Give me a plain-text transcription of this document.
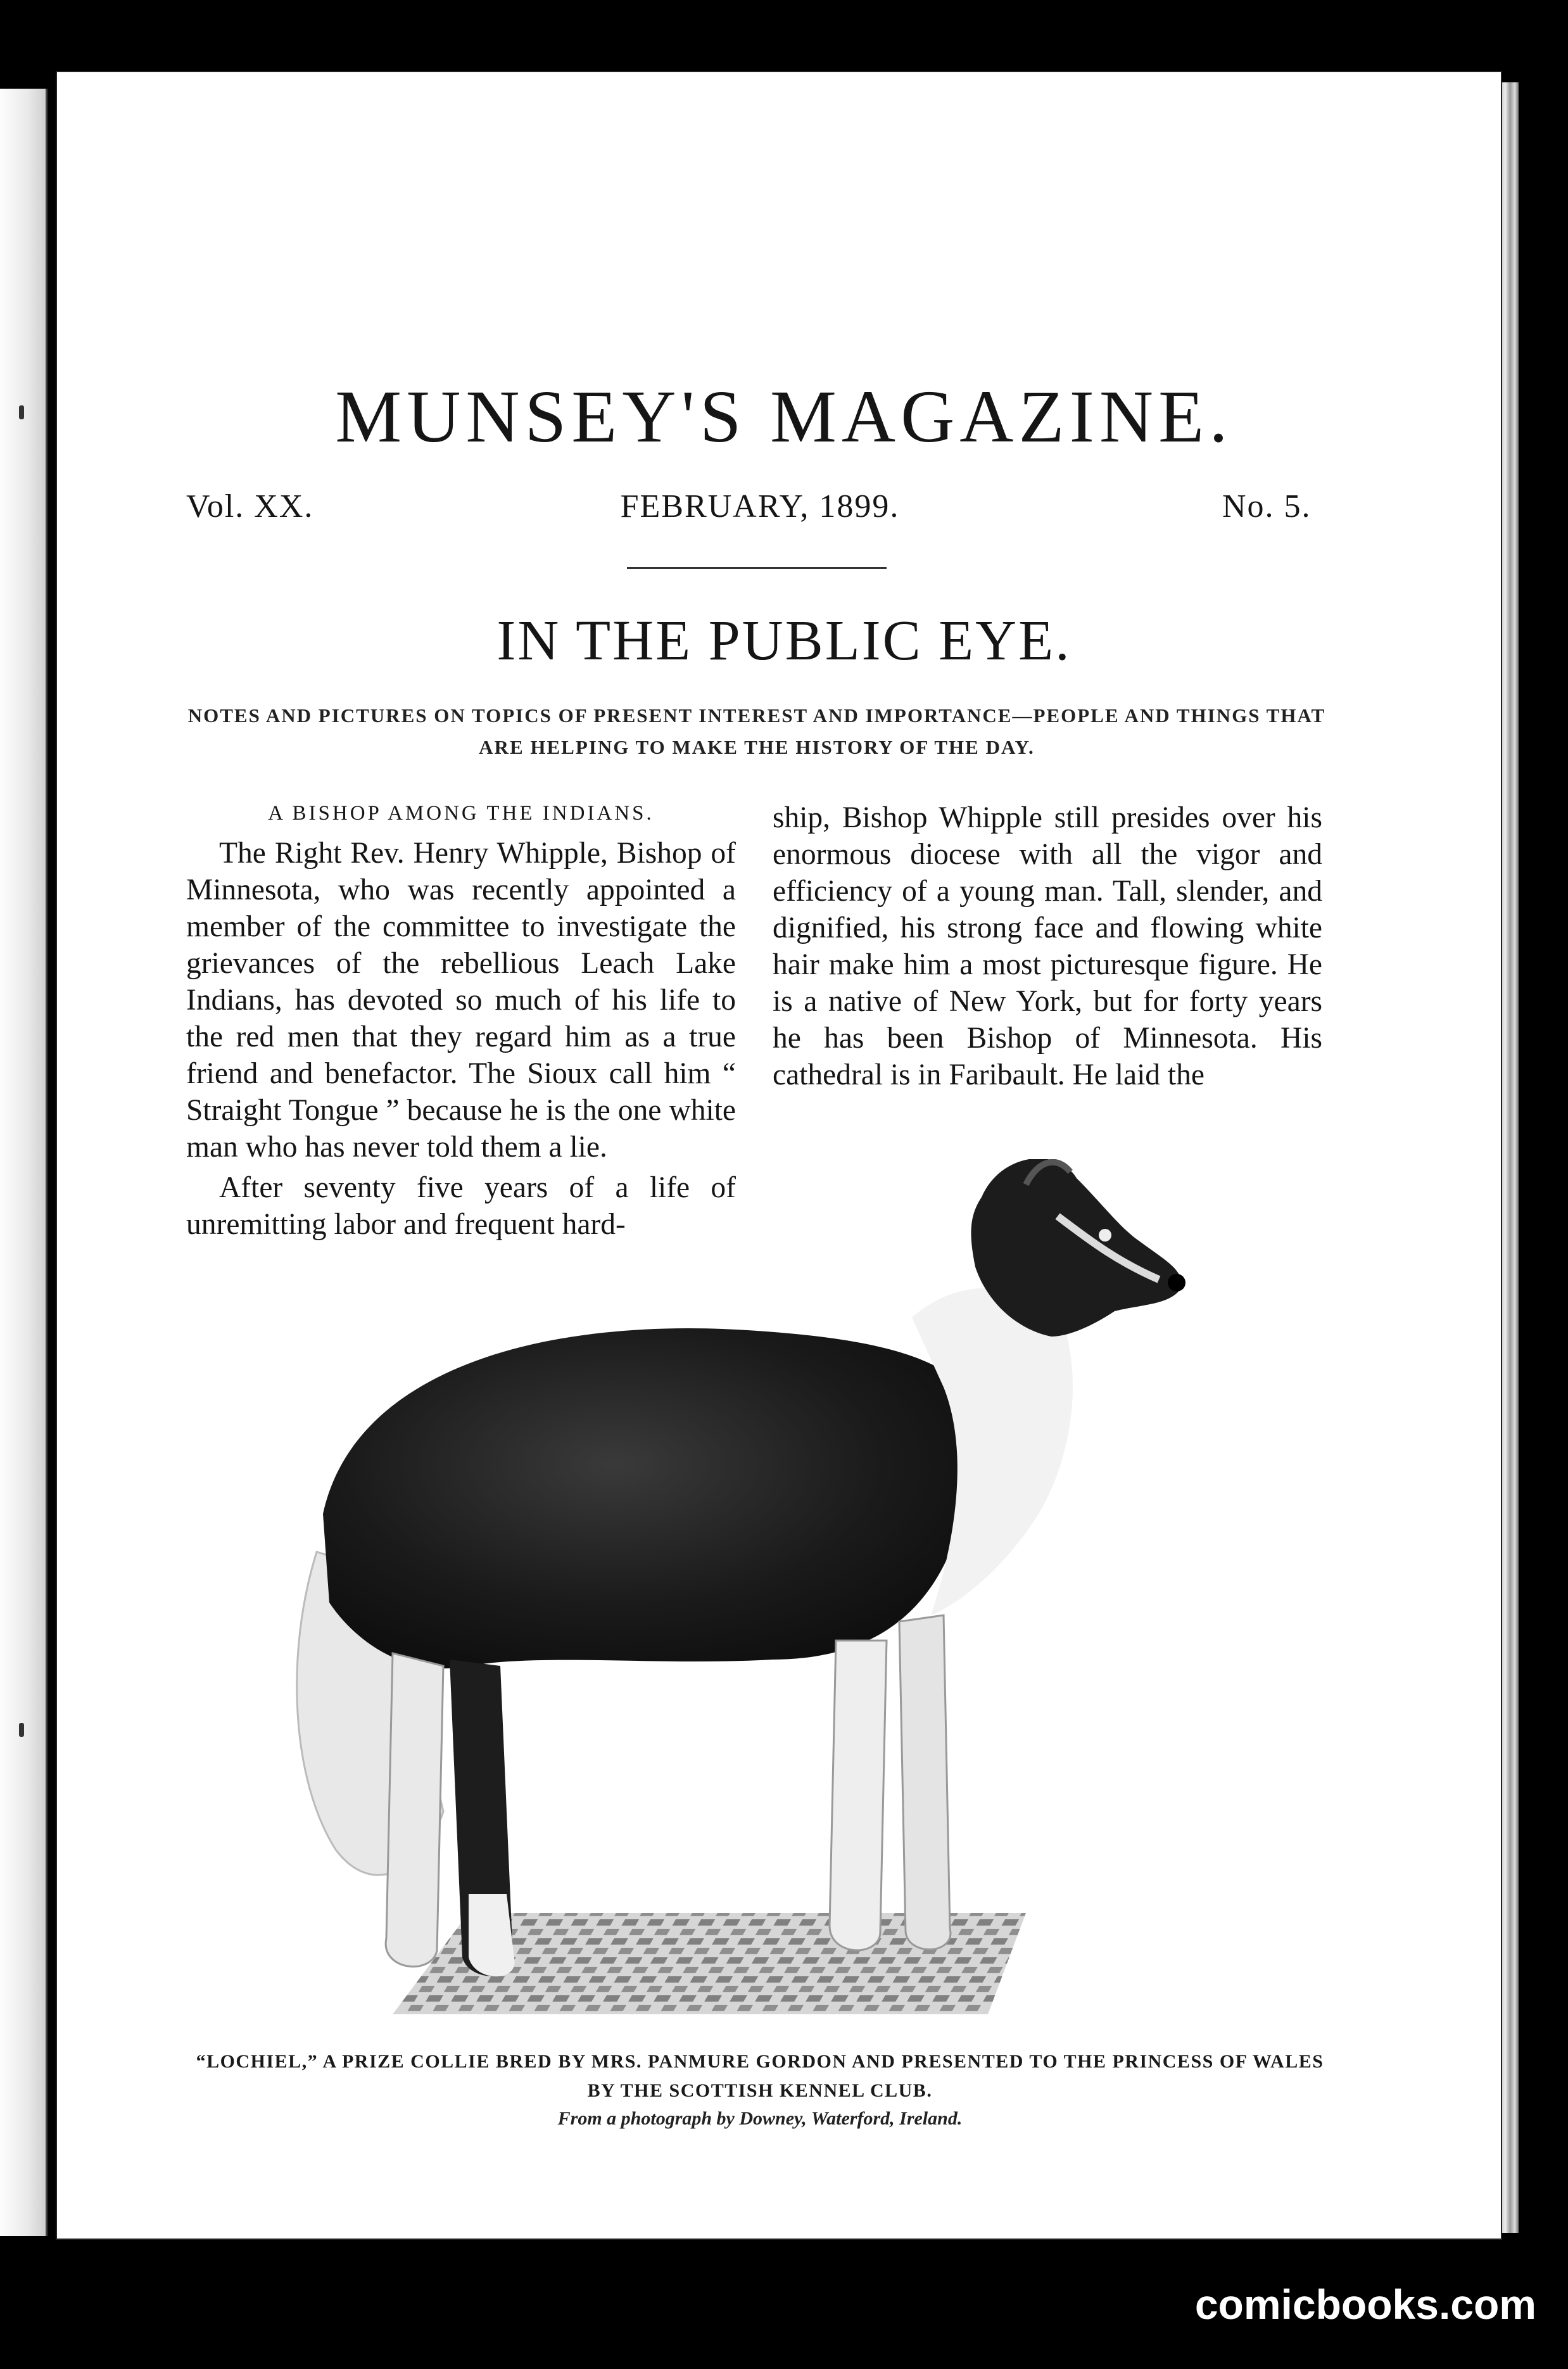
MUNSEY'S MAGAZINE.
Vol. XX.	FEBRUARY, 1899.	No. 5.
IN THE PUBLIC EYE.
NOTES AND PICTURES ON TOPICS OF PRESENT INTEREST AND IMPORTANCE—PEOPLE AND THINGS THAT ARE HELPING TO MAKE THE HISTORY OF THE DAY.
A BISHOP AMONG THE INDIANS.

The Right Rev. Henry Whipple, Bishop of Minnesota, who was recently appointed a member of the committee to investigate the grievances of the rebellious Leach Lake Indians, has devoted so much of his life to the red men that they regard him as a true friend and benefactor. The Sioux call him “ Straight Tongue ” because he is the one white man who has never told them a lie.

After seventy five years of a life of unremitting labor and frequent hard-

ship, Bishop Whipple still presides over his enormous diocese with all the vigor and efficiency of a young man. Tall, slender, and dignified, his strong face and flowing white hair make him a most picturesque figure. He is a native of New York, but for forty years he has been Bishop of Minnesota. His cathedral is in Faribault. He laid the

“LOCHIEL,” A PRIZE COLLIE BRED BY MRS. PANMURE GORDON AND PRESENTED TO THE PRINCESS OF WALES BY THE SCOTTISH KENNEL CLUB.
From a photograph by Downey, Waterford, Ireland.
comicbooks.com
